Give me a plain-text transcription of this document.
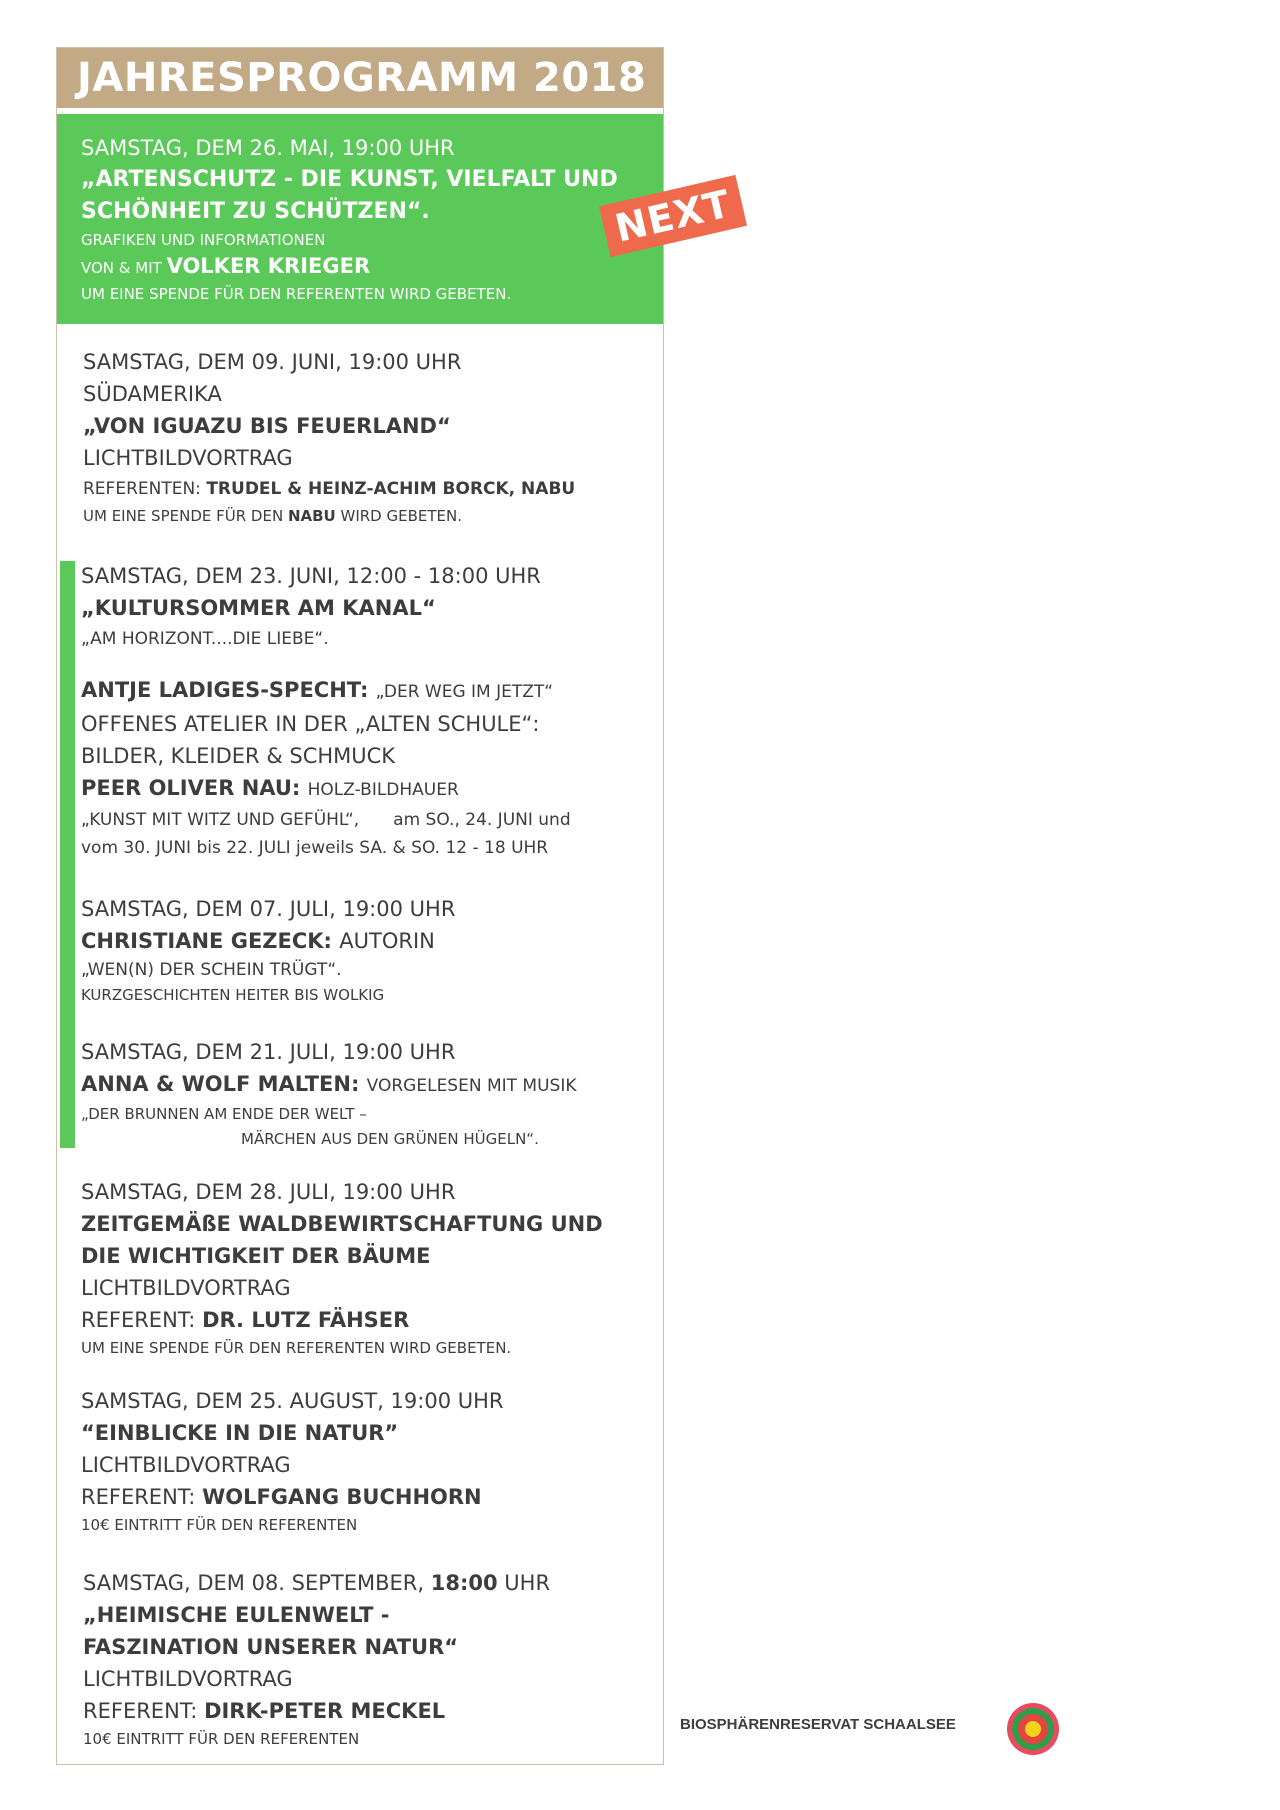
JAHRESPROGRAMM 2018
SAMSTAG, DEM 26. MAI, 19:00 UHR
„ARTENSCHUTZ - DIE KUNST, VIELFALT UND
SCHÖNHEIT ZU SCHÜTZEN“.
GRAFIKEN UND INFORMATIONEN
VON & MIT VOLKER KRIEGER
UM EINE SPENDE FÜR DEN REFERENTEN WIRD GEBETEN.
SAMSTAG, DEM 09. JUNI, 19:00 UHR
SÜDAMERIKA
„VON IGUAZU BIS FEUERLAND“
LICHTBILDVORTRAG
REFERENTEN: TRUDEL & HEINZ-ACHIM BORCK, NABU
UM EINE SPENDE FÜR DEN NABU WIRD GEBETEN.
SAMSTAG, DEM 23. JUNI, 12:00 - 18:00 UHR
„KULTURSOMMER AM KANAL“
„AM HORIZONT....DIE LIEBE“.
ANTJE LADIGES-SPECHT: „DER WEG IM JETZT“
OFFENES ATELIER IN DER „ALTEN SCHULE“:
BILDER, KLEIDER & SCHMUCK
PEER OLIVER NAU: HOLZ-BILDHAUER
„KUNST MIT WITZ UND GEFÜHL“, am SO., 24. JUNI und
vom 30. JUNI bis 22. JULI jeweils SA. & SO. 12 - 18 UHR
SAMSTAG, DEM 07. JULI, 19:00 UHR
CHRISTIANE GEZECK: AUTORIN
„WEN(N) DER SCHEIN TRÜGT“.
KURZGESCHICHTEN HEITER BIS WOLKIG
SAMSTAG, DEM 21. JULI, 19:00 UHR
ANNA & WOLF MALTEN: VORGELESEN MIT MUSIK
„DER BRUNNEN AM ENDE DER WELT –
MÄRCHEN AUS DEN GRÜNEN HÜGELN“.
SAMSTAG, DEM 28. JULI, 19:00 UHR
ZEITGEMÄßE WALDBEWIRTSCHAFTUNG UND
DIE WICHTIGKEIT DER BÄUME
LICHTBILDVORTRAG
REFERENT: DR. LUTZ FÄHSER
UM EINE SPENDE FÜR DEN REFERENTEN WIRD GEBETEN.
SAMSTAG, DEM 25. AUGUST, 19:00 UHR
“EINBLICKE IN DIE NATUR”
LICHTBILDVORTRAG
REFERENT: WOLFGANG BUCHHORN
10€ EINTRITT FÜR DEN REFERENTEN
SAMSTAG, DEM 08. SEPTEMBER, 18:00 UHR
„HEIMISCHE EULENWELT -
FASZINATION UNSERER NATUR“
LICHTBILDVORTRAG
REFERENT: DIRK-PETER MECKEL
10€ EINTRITT FÜR DEN REFERENTEN
NEXT
BIOSPHÄRENRESERVAT SCHAALSEE
